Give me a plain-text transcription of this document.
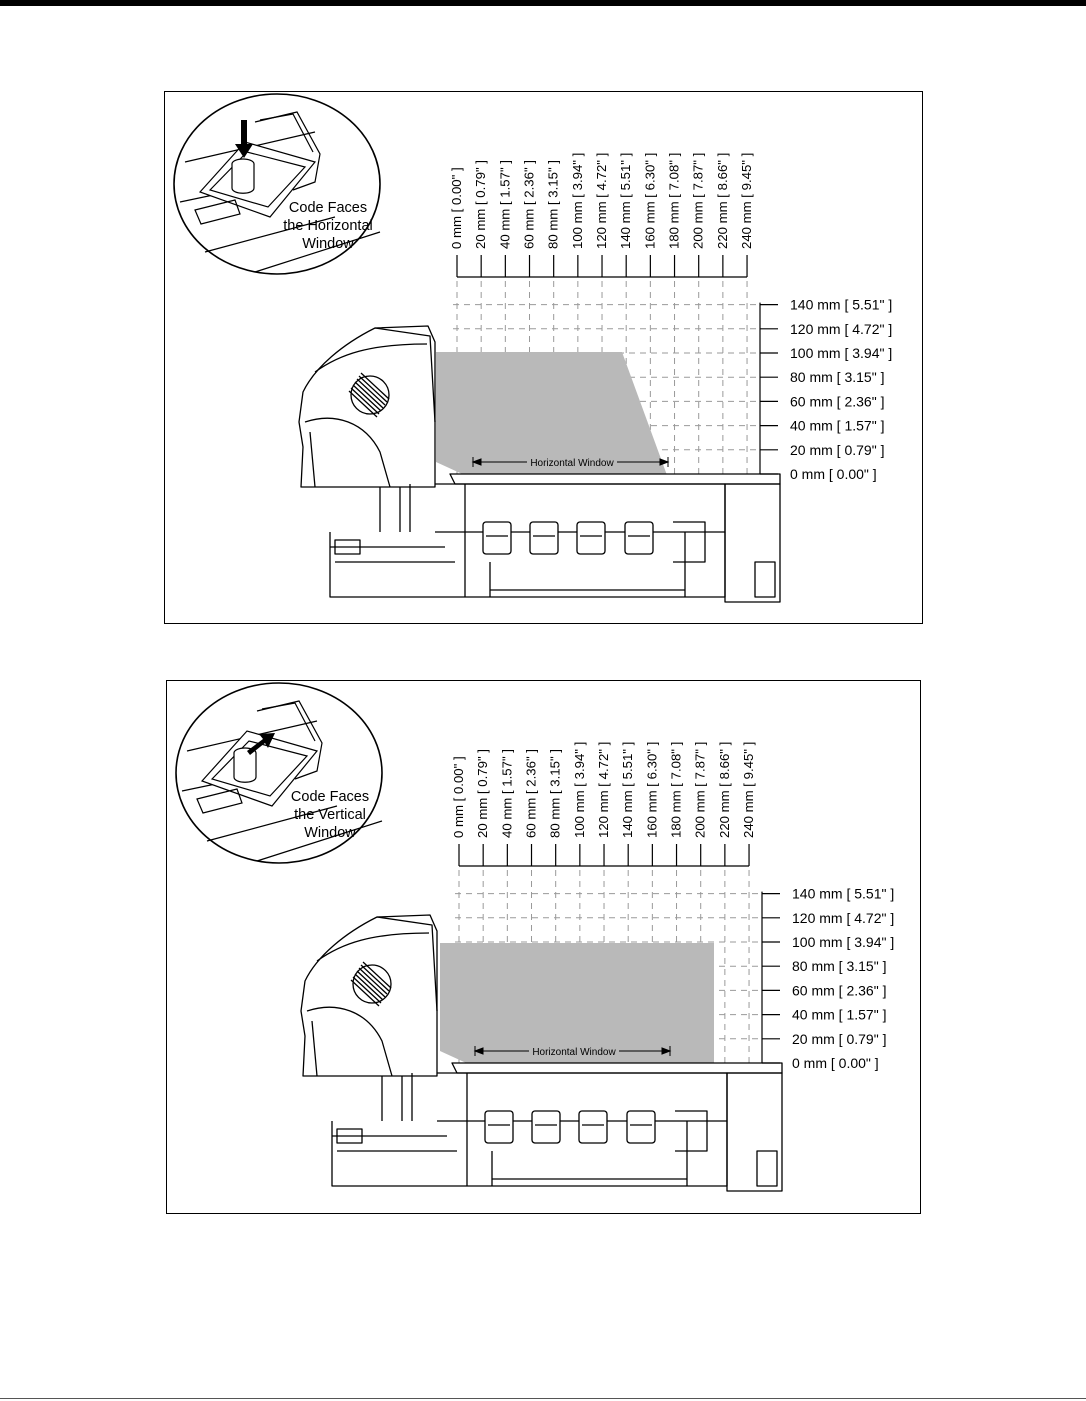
Horizontal Window
0 mm [ 0.00" ] 20 mm [ 0.79" ] 40 mm [ 1.57" ] 60 mm [ 2.36" ] 80 mm [ 3.15" ] 100 mm [ 3.94" ] 120 mm [ 4.72" ] 140 mm [ 5.51" ] 160 mm [ 6.30" ] 180 mm [ 7.08" ] 200 mm [ 7.87" ] 220 mm [ 8.66" ] 240 mm [ 9.45" ]
140 mm [ 5.51" ]
120 mm [ 4.72" ]
100 mm [ 3.94" ]
80 mm [ 3.15" ]
60 mm [ 2.36" ]
40 mm [ 1.57" ]
20 mm [ 0.79" ]
0 mm [ 0.00" ]
Code Faces
the Horizontal
Window
Horizontal Window
0 mm [ 0.00" ] 20 mm [ 0.79" ] 40 mm [ 1.57" ] 60 mm [ 2.36" ] 80 mm [ 3.15" ] 100 mm [ 3.94" ] 120 mm [ 4.72" ] 140 mm [ 5.51" ] 160 mm [ 6.30" ] 180 mm [ 7.08" ] 200 mm [ 7.87" ] 220 mm [ 8.66" ] 240 mm [ 9.45" ]
140 mm [ 5.51" ]
120 mm [ 4.72" ]
100 mm [ 3.94" ]
80 mm [ 3.15" ]
60 mm [ 2.36" ]
40 mm [ 1.57" ]
20 mm [ 0.79" ]
0 mm [ 0.00" ]
Code Faces
the Vertical
Window
